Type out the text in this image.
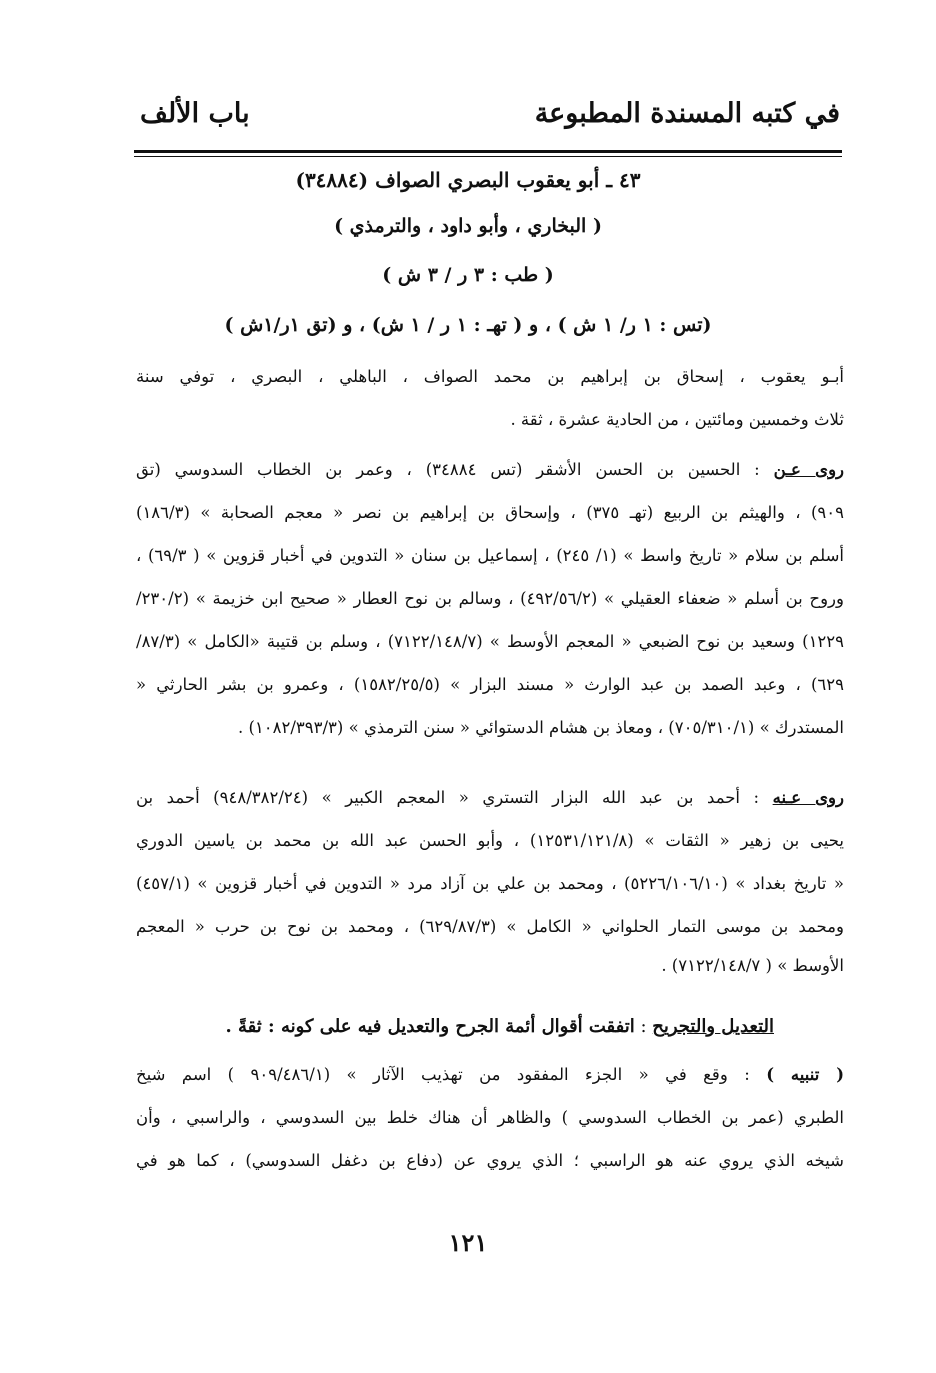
في كتبه المسندة المطبوعة
باب الألف
٤٣ ـ أبو يعقوب البصري الصواف (٣٤٨٨٤)
( البخاري ، وأبو داود ، والترمذي )
( طب : ٣ ر / ٣ ش )
(تس : ١ ر/ ١ ش ) ، و ( تهـ : ١ ر / ١ ش) ، و (تق ١ر/١ش )
أبـو يعقوب ، إسحاق بن إبراهيم بن محمد الصواف ، الباهلي ، البصري ، توفي سنة
ثلاث وخمسين ومائتين ، من الحادية عشرة ، ثقة .
روى عـن : الحسين بن الحسن الأشقر (تس ٣٤٨٨٤) ، وعمر بن الخطاب السدوسي (تق
٩٠٩) ، والهيثم بن الربيع (تهـ ٣٧٥) ، وإسحاق بن إبراهيم بن نصر « معجم الصحابة » (١٨٦/٣)
أسلم بن سلام « تاريخ واسط » (١/ ٢٤٥) ، إسماعيل بن سنان « التدوين في أخبار قزوين » ( ٦٩/٣) ،
وروح بن أسلم « ضعفاء العقيلي » (٤٩٢/٥٦/٢) ، وسالم بن نوح العطار « صحيح ابن خزيمة » (٢٣٠/٢/
١٢٢٩) وسعيد بن نوح الضبعي « المعجم الأوسط » (٧١٢٢/١٤٨/٧) ، وسلم بن قتيبة «الكامل » (٨٧/٣/
٦٢٩) ، وعبد الصمد بن عبد الوارث « مسند البزار » (١٥٨٢/٢٥/٥) ، وعمرو بن بشر الحارثي «
المستدرك » (٧٠٥/٣١٠/١) ، ومعاذ بن هشام الدستوائي « سنن الترمذي » (١٠٨٢/٣٩٣/٣) .
روى عـنه : أحمد بن عبد الله البزار التستري « المعجم الكبير » (٩٤٨/٣٨٢/٢٤) أحمد بن
يحيى بن زهير « الثقات » (١٢٥٣١/١٢١/٨) ، وأبو الحسن عبد الله بن محمد بن ياسين الدوري
« تاريخ بغداد » (٥٢٢٦/١٠٦/١٠) ، ومحمد بن علي بن آزاد مرد « التدوين في أخبار قزوين » (٤٥٧/١)
ومحمد بن موسى التمار الحلواني « الكامل » (٦٢٩/٨٧/٣) ، ومحمد بن نوح بن حرب « المعجم
الأوسط » ( ٧١٢٢/١٤٨/٧) .
التعديل والتجريح : اتفقت أقوال أئمة الجرح والتعديل فيه على كونه : ثقةً .
( تنبيه ) : وقع في « الجزء المفقود من تهذيب الآثار » (٩٠٩/٤٨٦/١ ) اسم شيخ
الطبري (عمر بن الخطاب السدوسي ) والظاهر أن هناك خلط بين السدوسي ، والراسبي ، وأن
شيخه الذي يروي عنه هو الراسبي ؛ الذي يروي عن (دفاع بن دغفل السدوسي) ، كما هو في
١٢١
